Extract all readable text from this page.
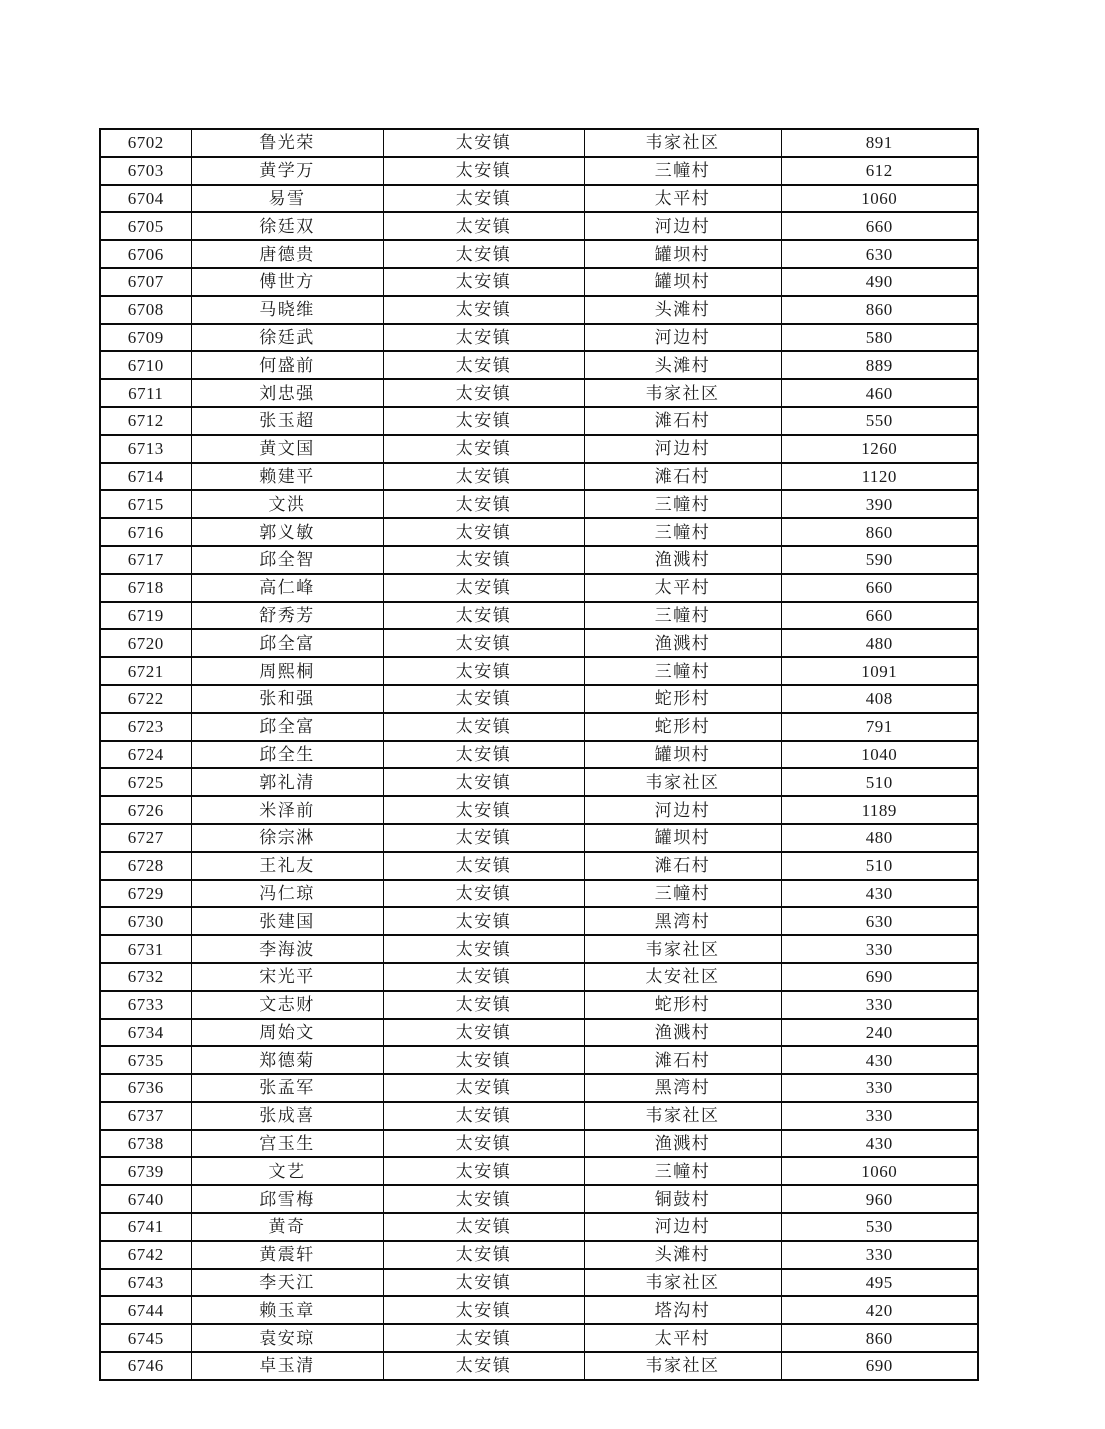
6702	鲁光荣	太安镇	韦家社区	891
6703	黄学万	太安镇	三幢村	612
6704	易雪	太安镇	太平村	1060
6705	徐廷双	太安镇	河边村	660
6706	唐德贵	太安镇	罐坝村	630
6707	傅世方	太安镇	罐坝村	490
6708	马晓维	太安镇	头滩村	860
6709	徐廷武	太安镇	河边村	580
6710	何盛前	太安镇	头滩村	889
6711	刘忠强	太安镇	韦家社区	460
6712	张玉超	太安镇	滩石村	550
6713	黄文国	太安镇	河边村	1260
6714	赖建平	太安镇	滩石村	1120
6715	文洪	太安镇	三幢村	390
6716	郭义敏	太安镇	三幢村	860
6717	邱全智	太安镇	渔溅村	590
6718	高仁峰	太安镇	太平村	660
6719	舒秀芳	太安镇	三幢村	660
6720	邱全富	太安镇	渔溅村	480
6721	周熙桐	太安镇	三幢村	1091
6722	张和强	太安镇	蛇形村	408
6723	邱全富	太安镇	蛇形村	791
6724	邱全生	太安镇	罐坝村	1040
6725	郭礼清	太安镇	韦家社区	510
6726	米泽前	太安镇	河边村	1189
6727	徐宗淋	太安镇	罐坝村	480
6728	王礼友	太安镇	滩石村	510
6729	冯仁琼	太安镇	三幢村	430
6730	张建国	太安镇	黑湾村	630
6731	李海波	太安镇	韦家社区	330
6732	宋光平	太安镇	太安社区	690
6733	文志财	太安镇	蛇形村	330
6734	周始文	太安镇	渔溅村	240
6735	郑德菊	太安镇	滩石村	430
6736	张孟军	太安镇	黑湾村	330
6737	张成喜	太安镇	韦家社区	330
6738	宫玉生	太安镇	渔溅村	430
6739	文艺	太安镇	三幢村	1060
6740	邱雪梅	太安镇	铜鼓村	960
6741	黄奇	太安镇	河边村	530
6742	黄震轩	太安镇	头滩村	330
6743	李天江	太安镇	韦家社区	495
6744	赖玉章	太安镇	塔沟村	420
6745	袁安琼	太安镇	太平村	860
6746	卓玉清	太安镇	韦家社区	690
